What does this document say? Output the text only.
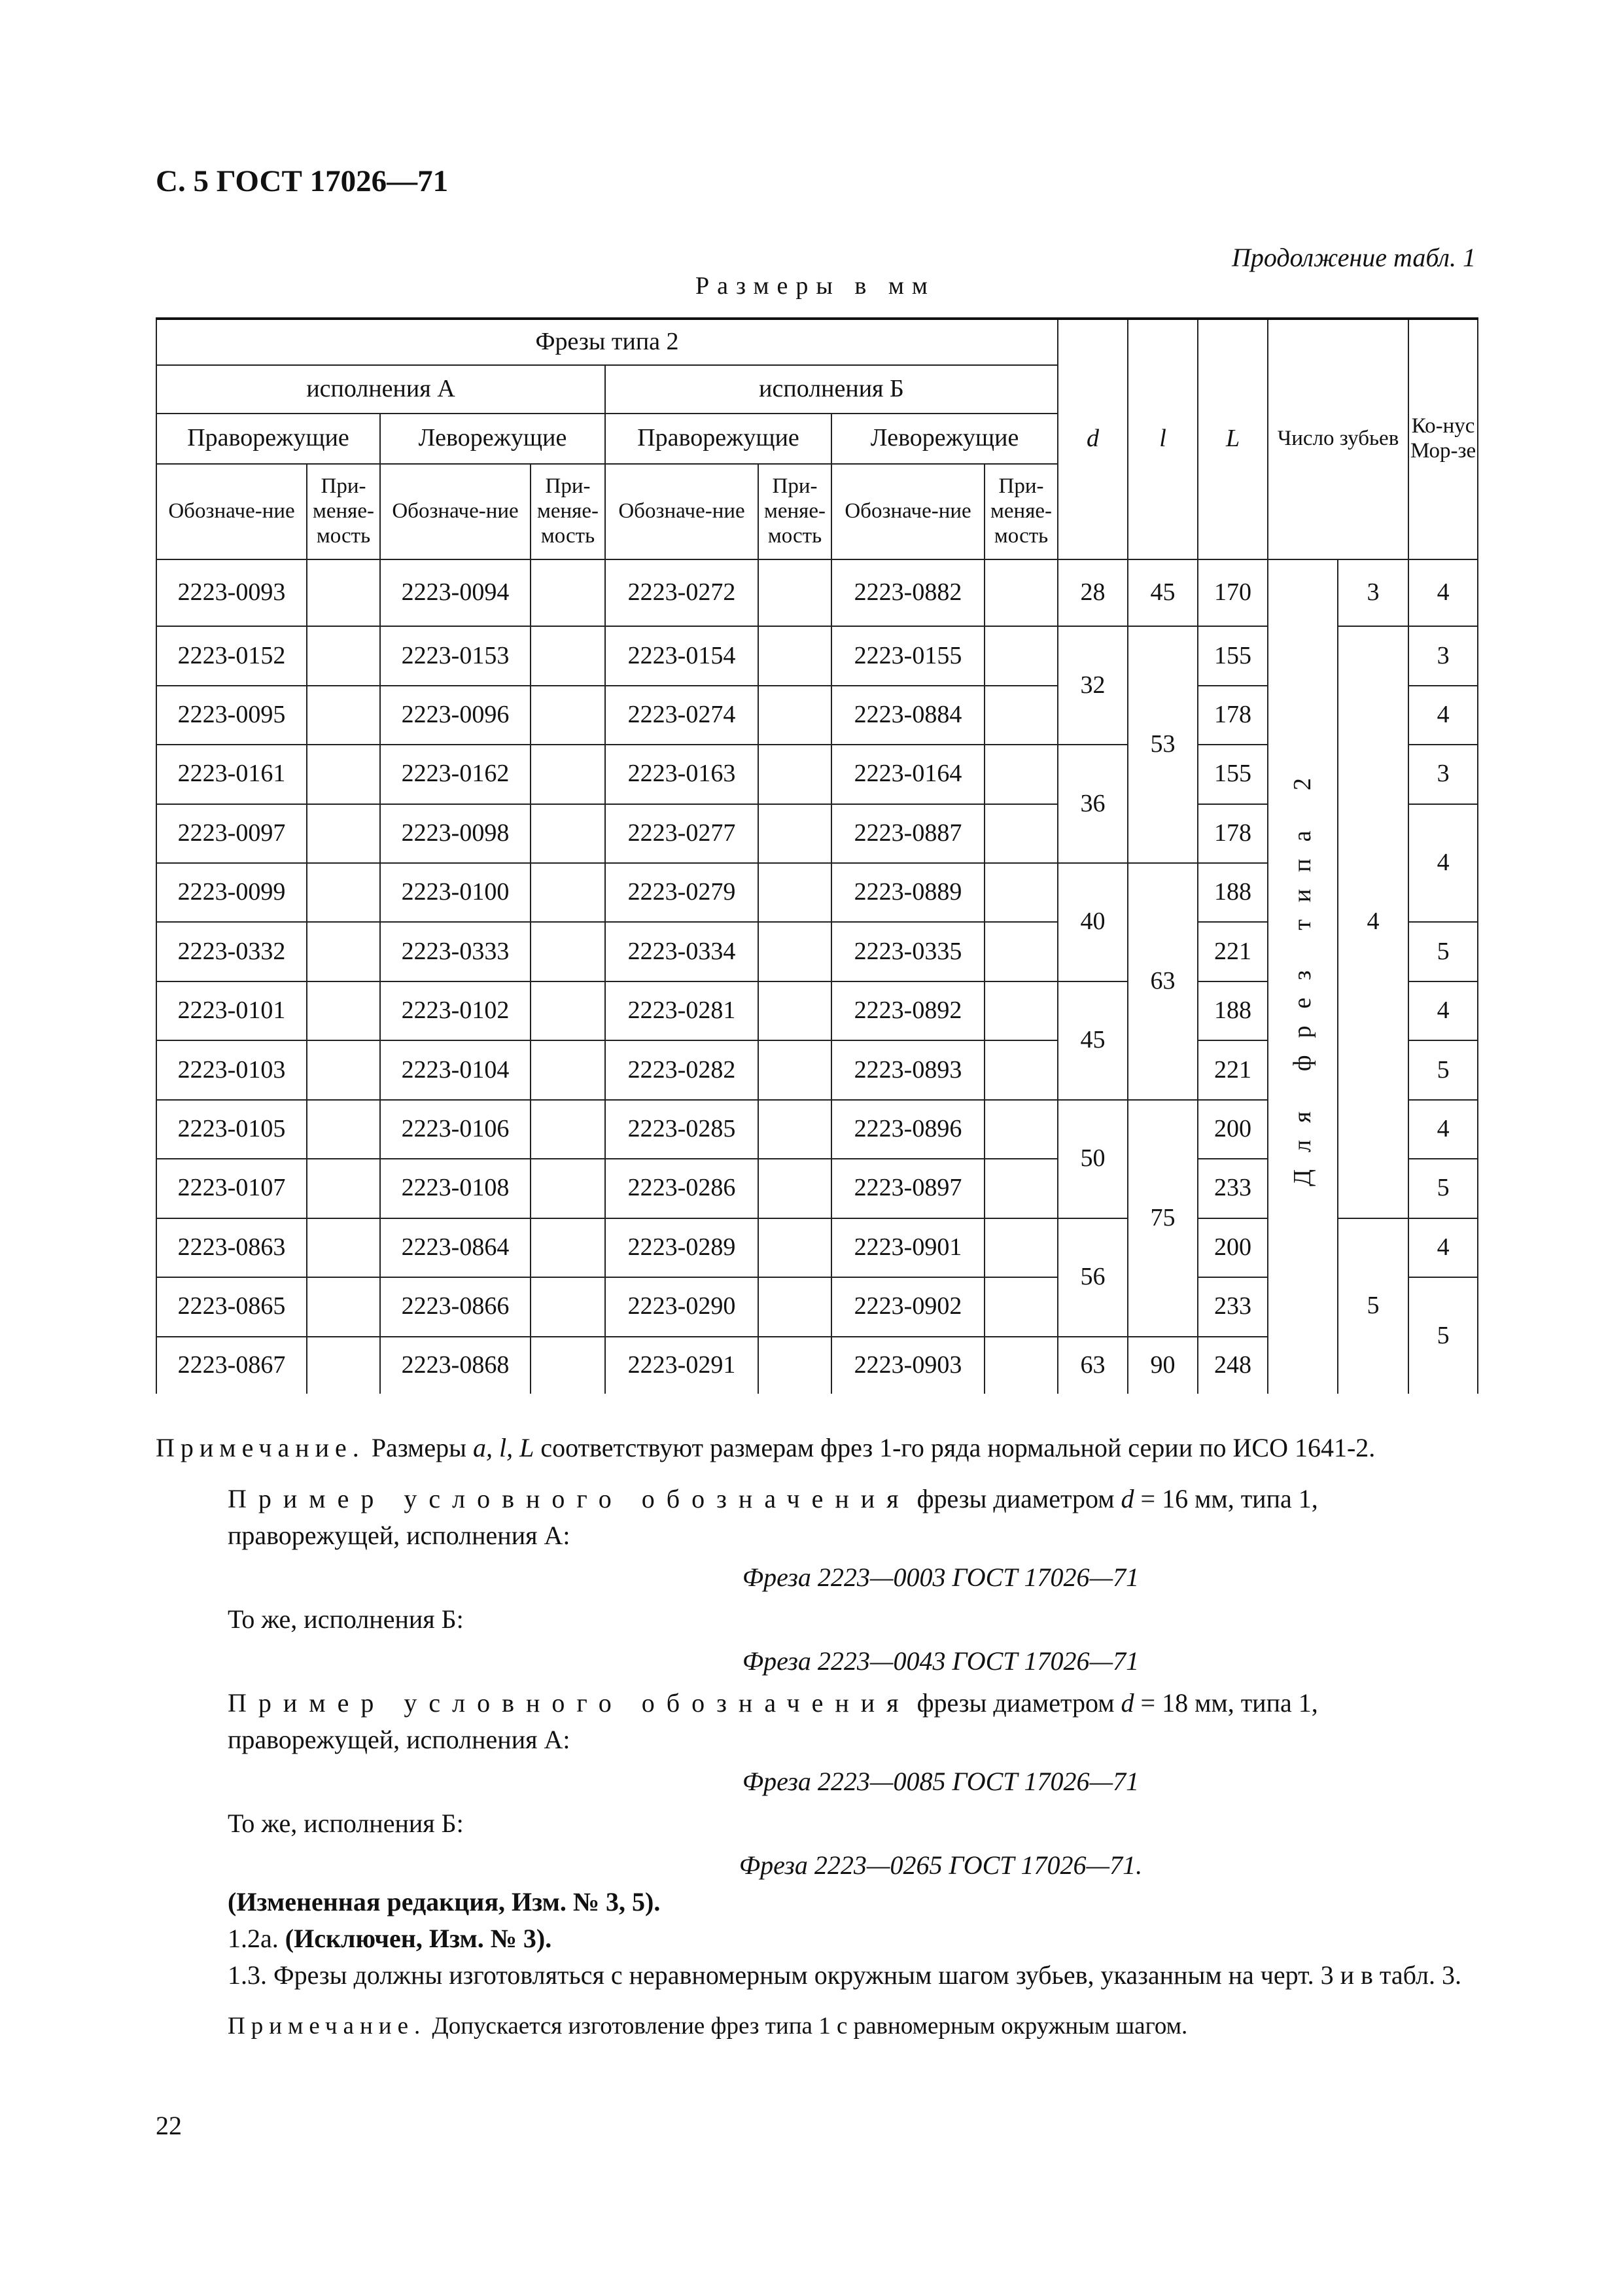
С. 5 ГОСТ 17026—71
Продолжение табл. 1
Размеры в мм
Фрезы типа 2								d	l	L	Число зубьев		Ко-нус Мор-зе
исполнения А				исполнения Б									
Праворежущие		Леворежущие		Праворежущие		Леворежущие							
Обозначе-ние	При-меняе-мость	Обозначе-ние	При-меняе-мость	Обозначе-ние	При-меняе-мость	Обозначе-ние	При-меняе-мость						
2223-0093		2223-0094		2223-0272		2223-0882		28	45	170	Для фрез типа 2	3	4
2223-0152		2223-0153		2223-0154		2223-0155		32	53	155		4	3
2223-0095		2223-0096		2223-0274		2223-0884				178			4
2223-0161		2223-0162		2223-0163		2223-0164		36		155			3
2223-0097		2223-0098		2223-0277		2223-0887				178			4
2223-0099		2223-0100		2223-0279		2223-0889		40	63	188			
2223-0332		2223-0333		2223-0334		2223-0335				221			5
2223-0101		2223-0102		2223-0281		2223-0892		45		188			4
2223-0103		2223-0104		2223-0282		2223-0893				221			5
2223-0105		2223-0106		2223-0285		2223-0896		50	75	200			4
2223-0107		2223-0108		2223-0286		2223-0897				233			5
2223-0863		2223-0864		2223-0289		2223-0901		56		200		5	4
2223-0865		2223-0866		2223-0290		2223-0902				233			5
2223-0867		2223-0868		2223-0291		2223-0903		63	90	248			
Примечание. Размеры a, l, L соответствуют размерам фрез 1-го ряда нормальной серии по ИСО 1641-2.
Пример условного обозначения фрезы диаметром d = 16 мм, типа 1, праворежущей, исполнения А:
Фреза 2223—0003 ГОСТ 17026—71
То же, исполнения Б:
Фреза 2223—0043 ГОСТ 17026—71
Пример условного обозначения фрезы диаметром d = 18 мм, типа 1, праворежущей, исполнения А:
Фреза 2223—0085 ГОСТ 17026—71
То же, исполнения Б:
Фреза 2223—0265 ГОСТ 17026—71.
(Измененная редакция, Изм. № 3, 5).
1.2а. (Исключен, Изм. № 3).
1.3. Фрезы должны изготовляться с неравномерным окружным шагом зубьев, указанным на черт. 3 и в табл. 3.
Примечание. Допускается изготовление фрез типа 1 с равномерным окружным шагом.
22
